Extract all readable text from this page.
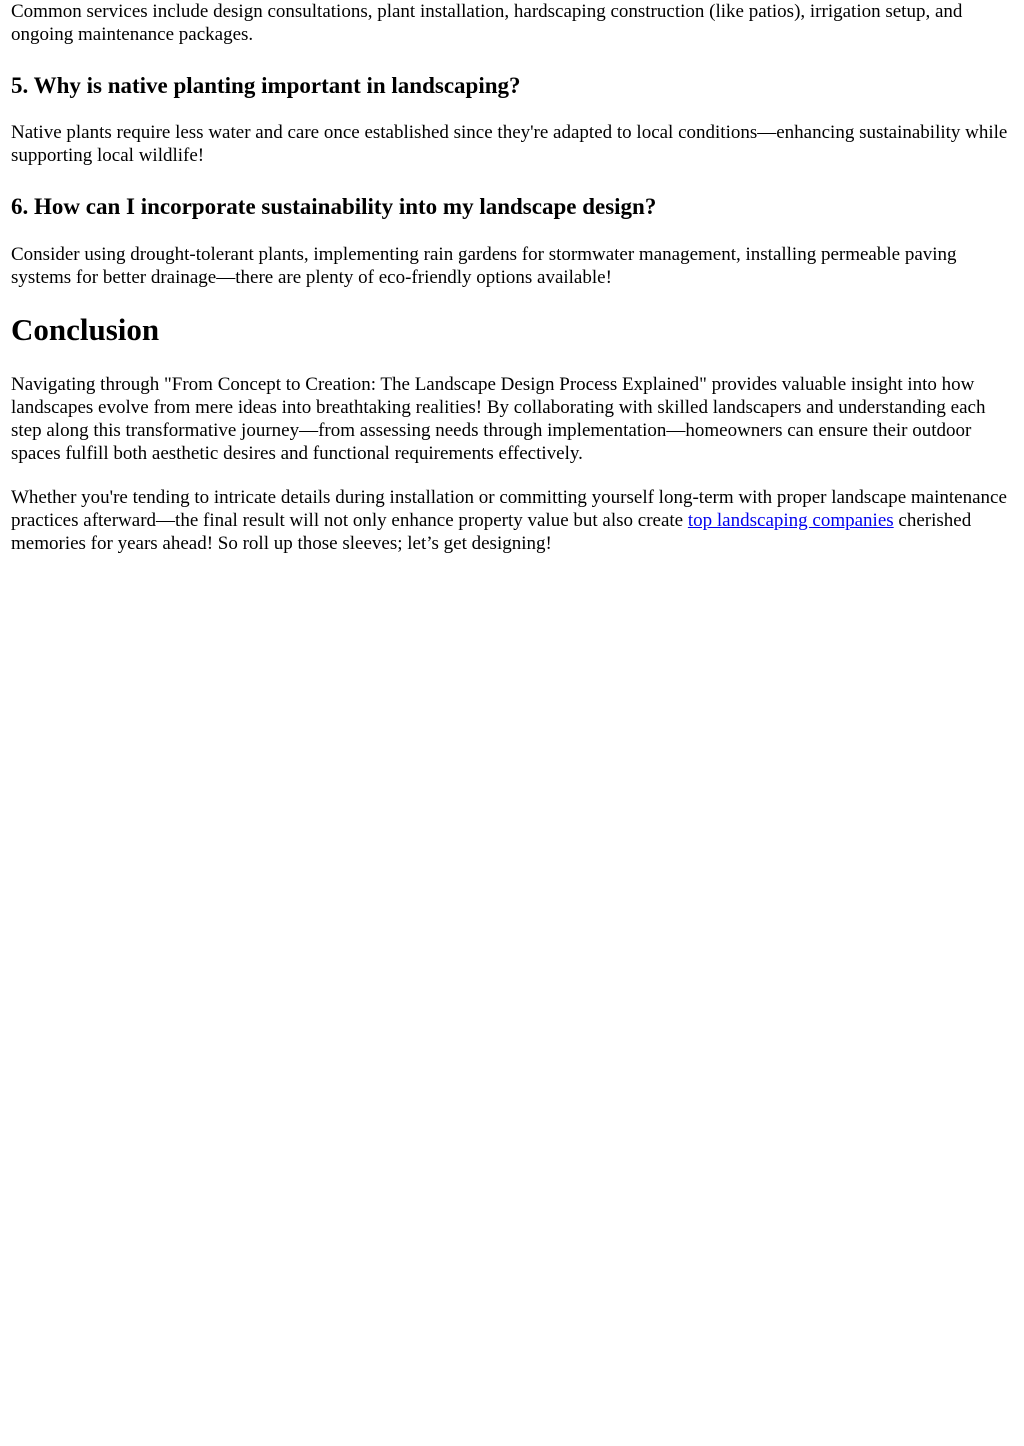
Common services include design consultations, plant installation, hardscaping construction (like patios), irrigation setup, and ongoing maintenance packages.

5. Why is native planting important in landscaping?

Native plants require less water and care once established since they're adapted to local conditions—enhancing sustainability while supporting local wildlife!

6. How can I incorporate sustainability into my landscape design?

Consider using drought-tolerant plants, implementing rain gardens for stormwater management, installing permeable paving systems for better drainage—there are plenty of eco-friendly options available!

Conclusion

Navigating through "From Concept to Creation: The Landscape Design Process Explained" provides valuable insight into how landscapes evolve from mere ideas into breathtaking realities! By collaborating with skilled landscapers and understanding each step along this transformative journey—from assessing needs through implementation—homeowners can ensure their outdoor spaces fulfill both aesthetic desires and functional requirements effectively.

Whether you're tending to intricate details during installation or committing yourself long-term with proper landscape maintenance practices afterward—the final result will not only enhance property value but also create top landscaping companies cherished memories for years ahead! So roll up those sleeves; let’s get designing!
